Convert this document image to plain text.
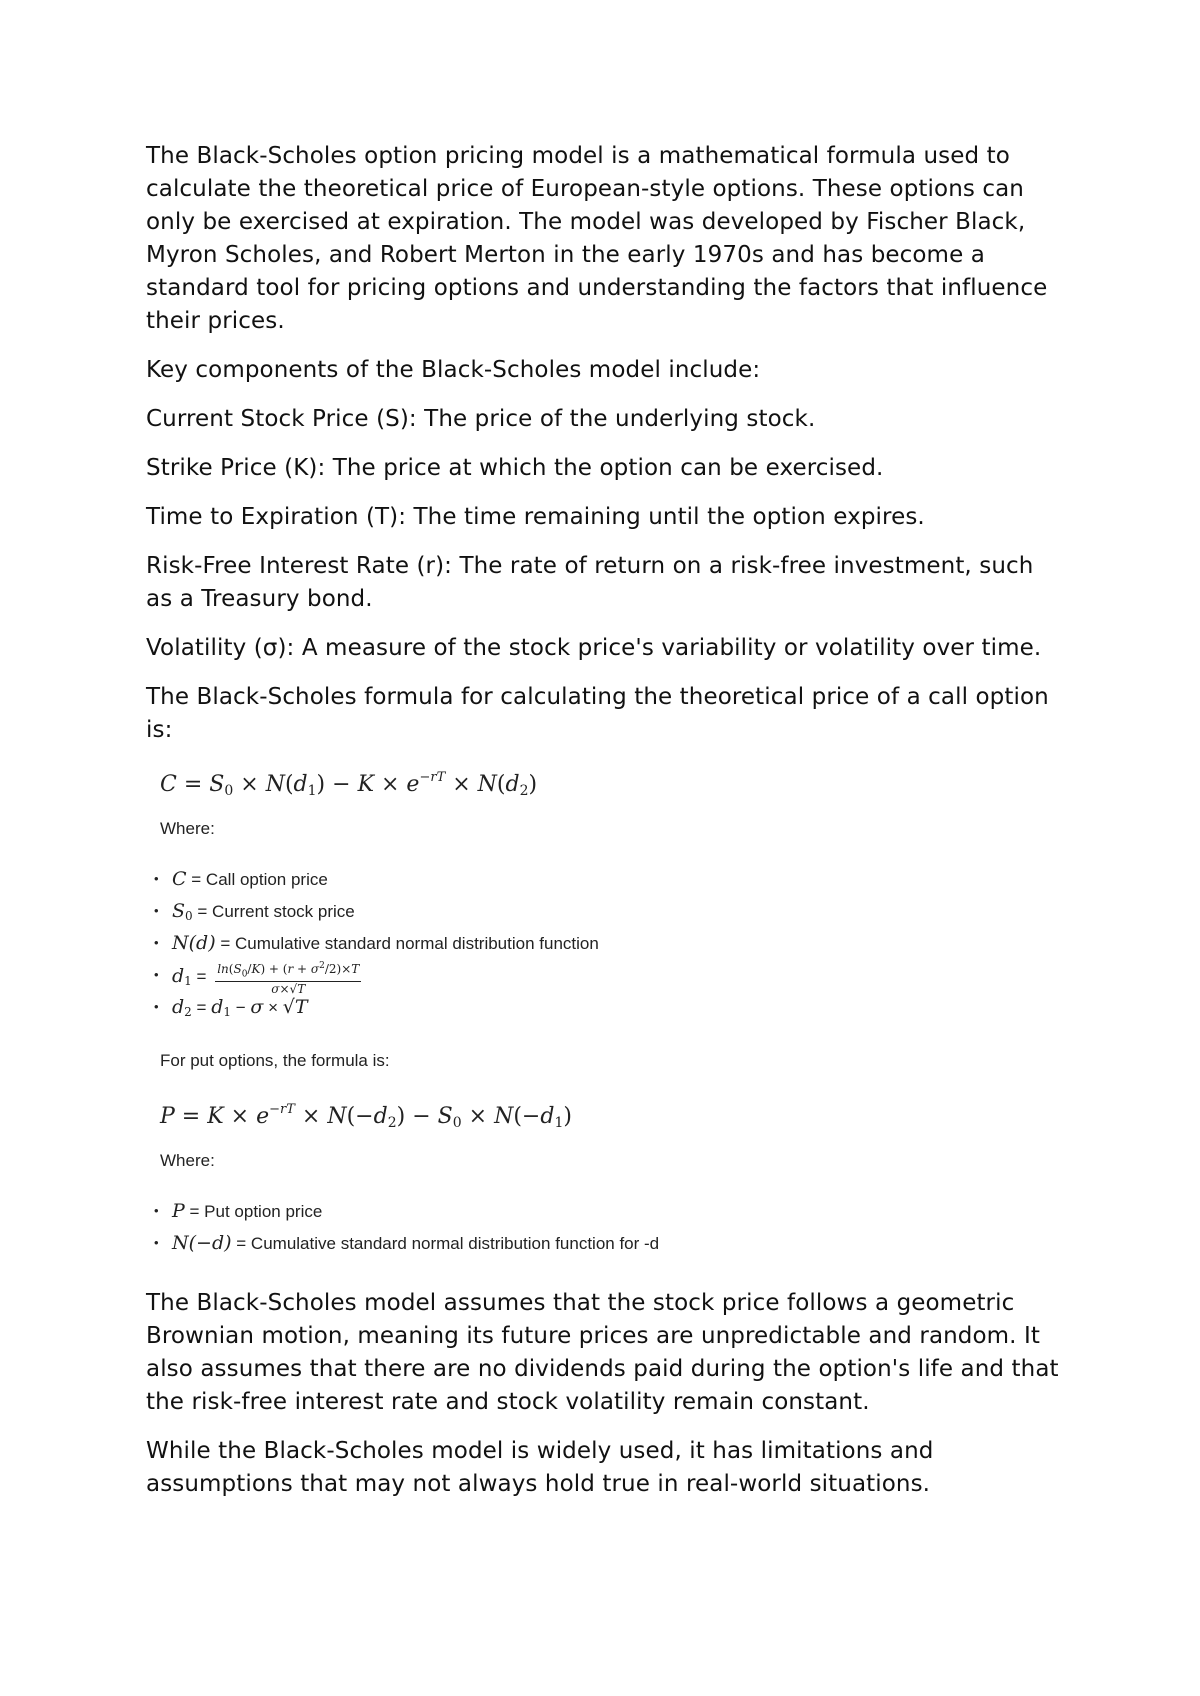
The Black-Scholes option pricing model is a mathematical formula used to calculate the theoretical price of European-style options. These options can only be exercised at expiration. The model was developed by Fischer Black, Myron Scholes, and Robert Merton in the early 1970s and has become a standard tool for pricing options and understanding the factors that influence their prices.

Key components of the Black-Scholes model include:

Current Stock Price (S): The price of the underlying stock.

Strike Price (K): The price at which the option can be exercised.

Time to Expiration (T): The time remaining until the option expires.

Risk-Free Interest Rate (r): The rate of return on a risk-free investment, such as a Treasury bond.

Volatility (σ): A measure of the stock price's variability or volatility over time.

The Black-Scholes formula for calculating the theoretical price of a call option is:

$C = S_0 \times N(d_1) - K \times e^{-rT} \times N(d_2)$
Where:
• C = Call option price
• $S_0$ = Current stock price
• N(d) = Cumulative standard normal distribution function
• $d_1 = \frac{\ln(S_0/K) + (r + \sigma^2/2)\times T}{\sigma\times√T}$
• $d_2 = d_1 - \sigma \times √T$
For put options, the formula is:
$P = K \times e^{-rT} \times N(-d_2) - S_0 \times N(-d_1)$
Where:
• P = Put option price
• N(−d) = Cumulative standard normal distribution function for -d

The Black-Scholes model assumes that the stock price follows a geometric Brownian motion, meaning its future prices are unpredictable and random. It also assumes that there are no dividends paid during the option's life and that the risk-free interest rate and stock volatility remain constant.

While the Black-Scholes model is widely used, it has limitations and assumptions that may not always hold true in real-world situations.
